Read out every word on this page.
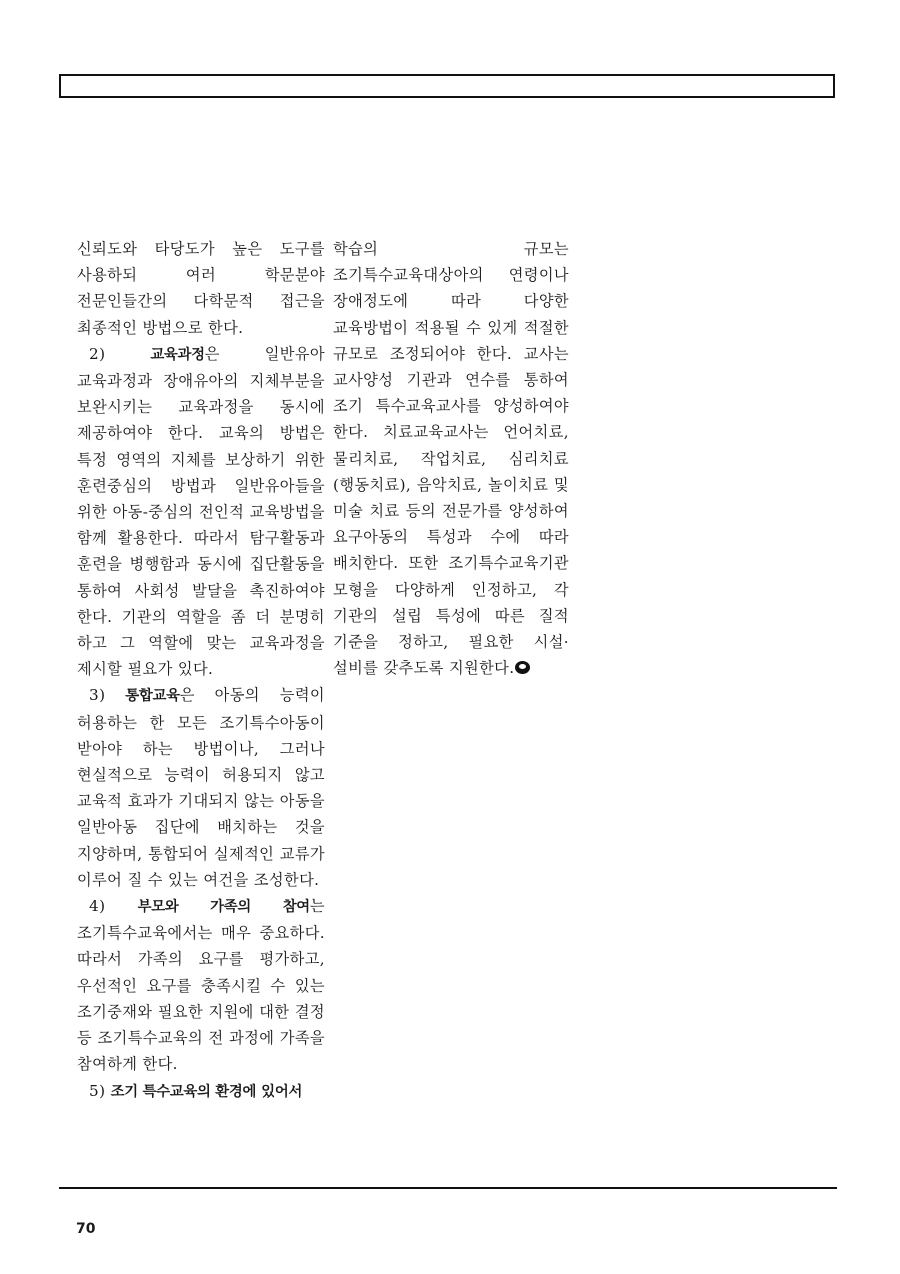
신뢰도와 타당도가 높은 도구를 사용하되 여러 학문분야 전문인들간의 다학문적 접근을 최종적인 방법으로 한다.

2)	교육과정은 일반유아 교육과정과 장애유아의 지체부분을 보완시키는 교육과정을 동시에 제공하여야 한다. 교육의 방법은 특정 영역의 지체를 보상하기 위한 훈련중심의 방법과 일반유아들을 위한 아동-중심의 전인적 교육방법을 함께 활용한다. 따라서 탐구활동과 훈련을 병행함과 동시에 집단활동을 통하여 사회성 발달을 촉진하여야 한다. 기관의 역할을 좀 더 분명히 하고 그 역할에 맞는 교육과정을 제시할 필요가 있다.

3) 통합교육은 아동의 능력이 허용하는 한 모든 조기특수아동이 받아야 하는 방법이나, 그러나 현실적으로 능력이 허용되지 않고 교육적 효과가 기대되지 않는 아동을 일반아동 집단에 배치하는 것을 지양하며, 통합되어 실제적인 교류가 이루어 질 수 있는 여건을 조성한다.

4) 부모와 가족의 참여는 조기특수교육에서는 매우 중요하다. 따라서 가족의 요구를 평가하고, 우선적인 요구를 충족시킬 수 있는 조기중재와 필요한 지원에 대한 결정 등 조기특수교육의 전 과정에 가족을 참여하게 한다.

5) 조기 특수교육의 환경에 있어서

학습의 규모는 조기특수교육대상아의 연령이나 장애정도에 따라 다양한 교육방법이 적용될 수 있게 적절한 규모로 조정되어야 한다. 교사는 교사양성 기관과 연수를 통하여 조기 특수교육교사를 양성하여야 한다. 치료교육교사는 언어치료, 물리치료, 작업치료, 심리치료(행동치료), 음악치료, 놀이치료 및 미술 치료 등의 전문가를 양성하여 요구아동의 특성과 수에 따라 배치한다. 또한 조기특수교육기관 모형을 다양하게 인정하고, 각 기관의 설립 특성에 따른 질적 기준을 정하고, 필요한 시설·설비를 갖추도록 지원한다.

70
